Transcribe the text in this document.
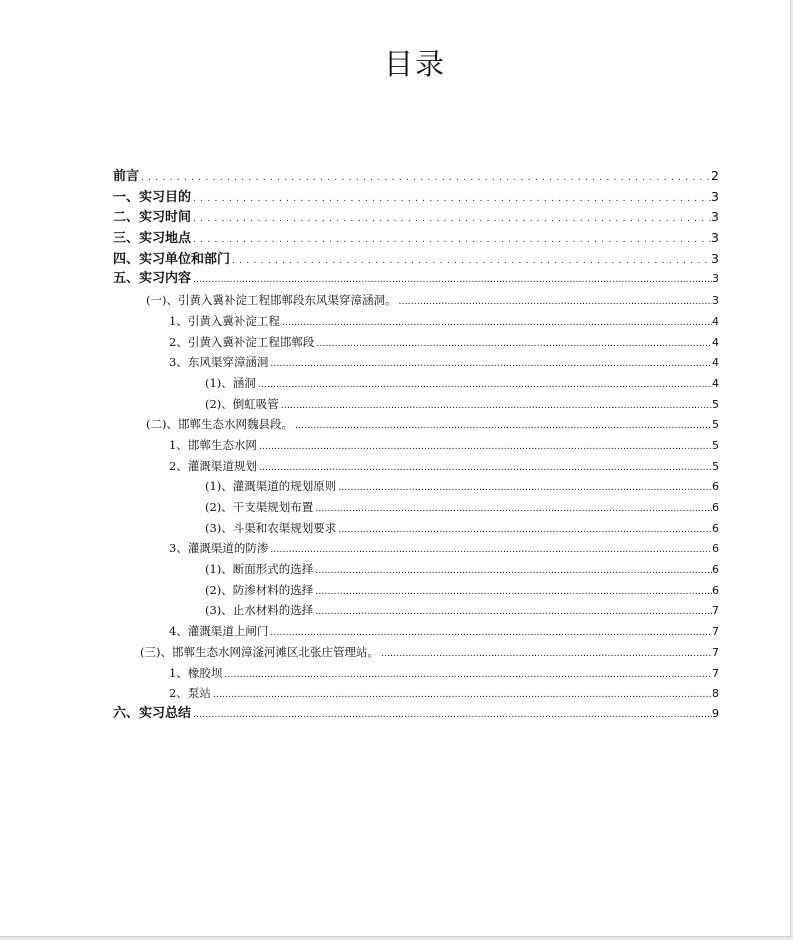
目录
前言 .....	2
一、实习目的 .....	3
二、实习时间 .....	3
三、实习地点 .....	3
四、实习单位和部门 .....	3
五、实习内容 .....	3
(一)、引黄入冀补淀工程邯郸段东风渠穿漳涵洞。 .....	3
1、引黄入冀补淀工程 .....	4
2、引黄入冀补淀工程邯郸段 .....	4
3、东风渠穿漳涵洞 .....	4
(1)、涵洞 .....	4
(2)、倒虹吸管 .....	5
(二)、邯郸生态水网魏县段。 .....	5
1、邯郸生态水网 .....	5
2、灌溉渠道规划 .....	5
(1)、灌溉渠道的规划原则 .....	6
(2)、干支渠规划布置 .....	6
(3)、斗渠和农渠规划要求 .....	6
3、灌溉渠道的防渗 .....	6
(1)、断面形式的选择 .....	6
(2)、防渗材料的选择 .....	6
(3)、止水材料的选择 .....	7
4、灌溉渠道上闸门 .....	7
(三)、邯郸生态水网漳滏河滩区北张庄管理站。 .....	7
1、橡胶坝 .....	7
2、泵站 .....	8
六、实习总结 .....	9
